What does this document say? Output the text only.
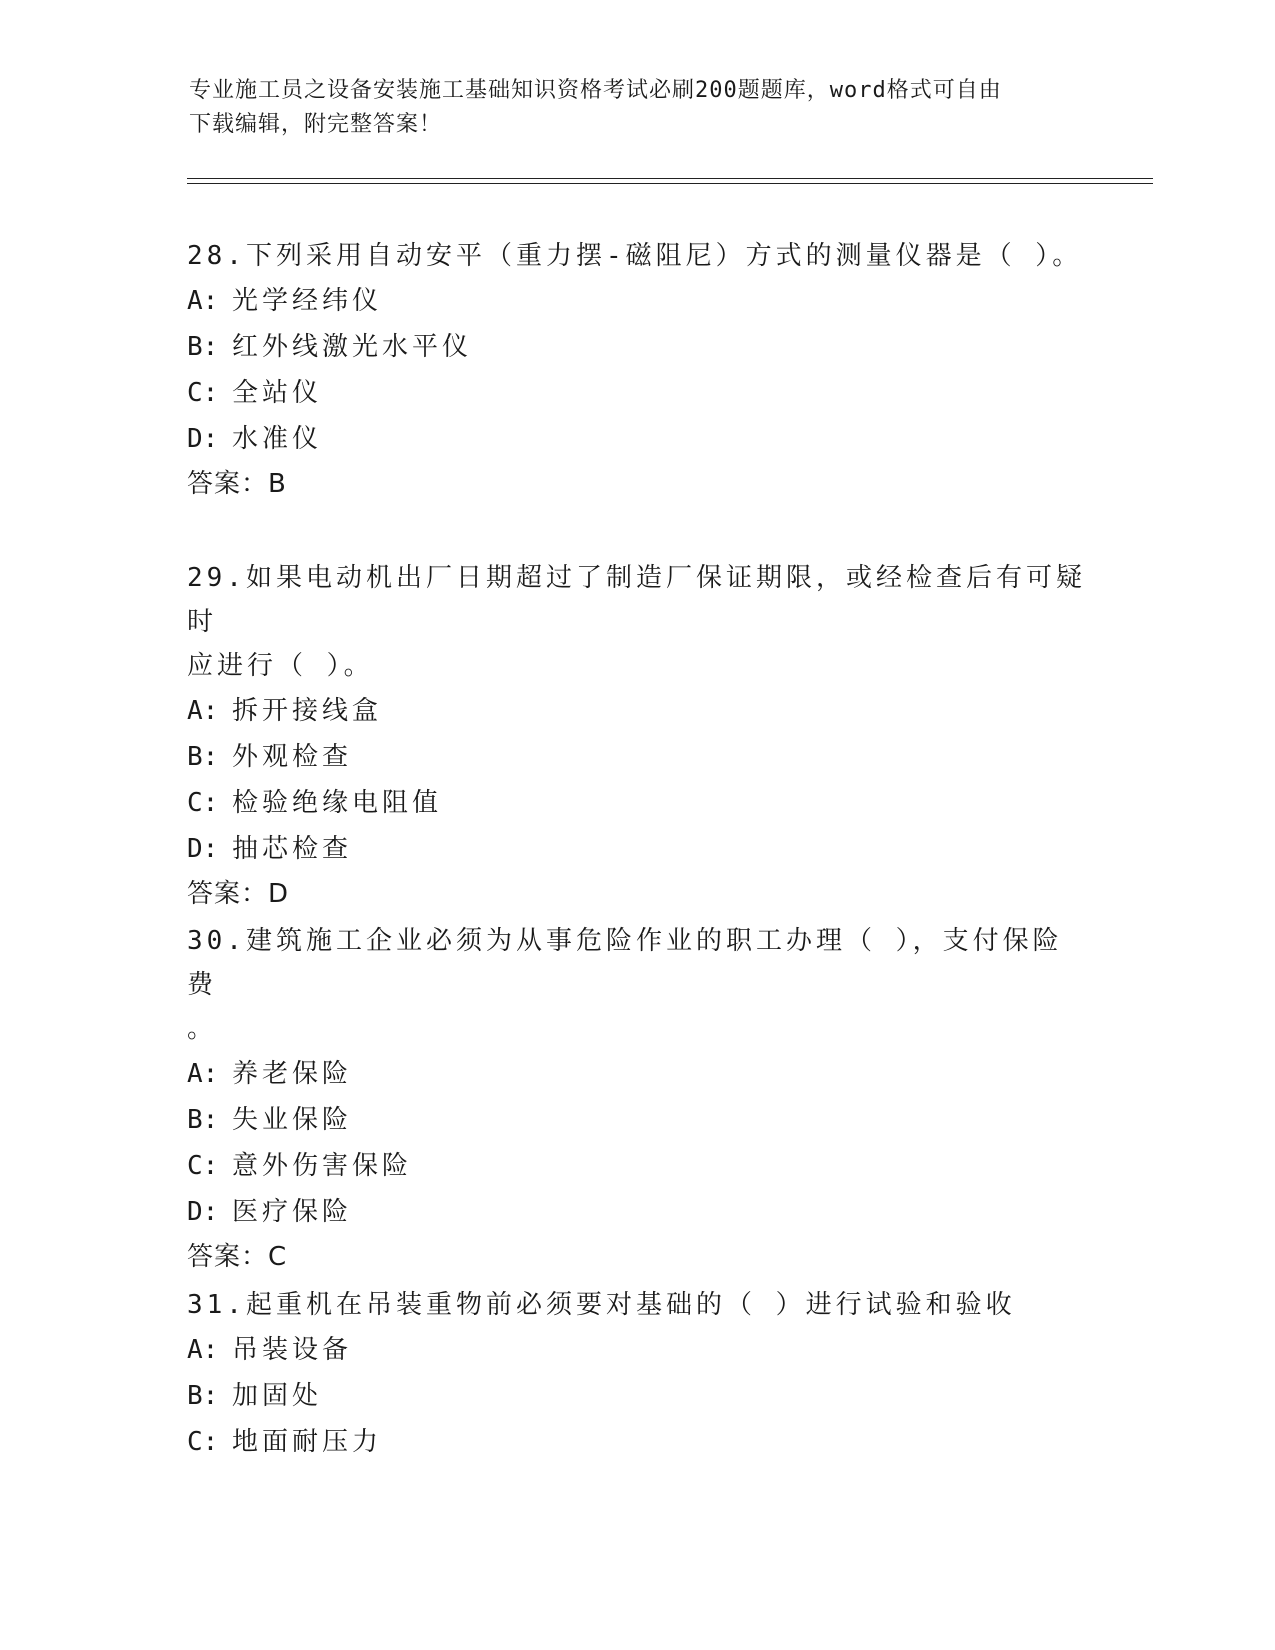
专业施工员之设备安装施工基础知识资格考试必刷200题题库，word格式可自由
下载编辑，附完整答案！

28.下列采用自动安平（重力摆-磁阻尼）方式的测量仪器是（ ）。

A: 光学经纬仪

B: 红外线激光水平仪

C: 全站仪

D: 水准仪

答案：B

29.如果电动机出厂日期超过了制造厂保证期限，或经检查后有可疑时

应进行（ ）。

A: 拆开接线盒

B: 外观检查

C: 检验绝缘电阻值

D: 抽芯检查

答案：D

30.建筑施工企业必须为从事危险作业的职工办理（ ），支付保险费

。

A: 养老保险

B: 失业保险

C: 意外伤害保险

D: 医疗保险

答案：C

31.起重机在吊装重物前必须要对基础的（ ）进行试验和验收

A: 吊装设备

B: 加固处

C: 地面耐压力
